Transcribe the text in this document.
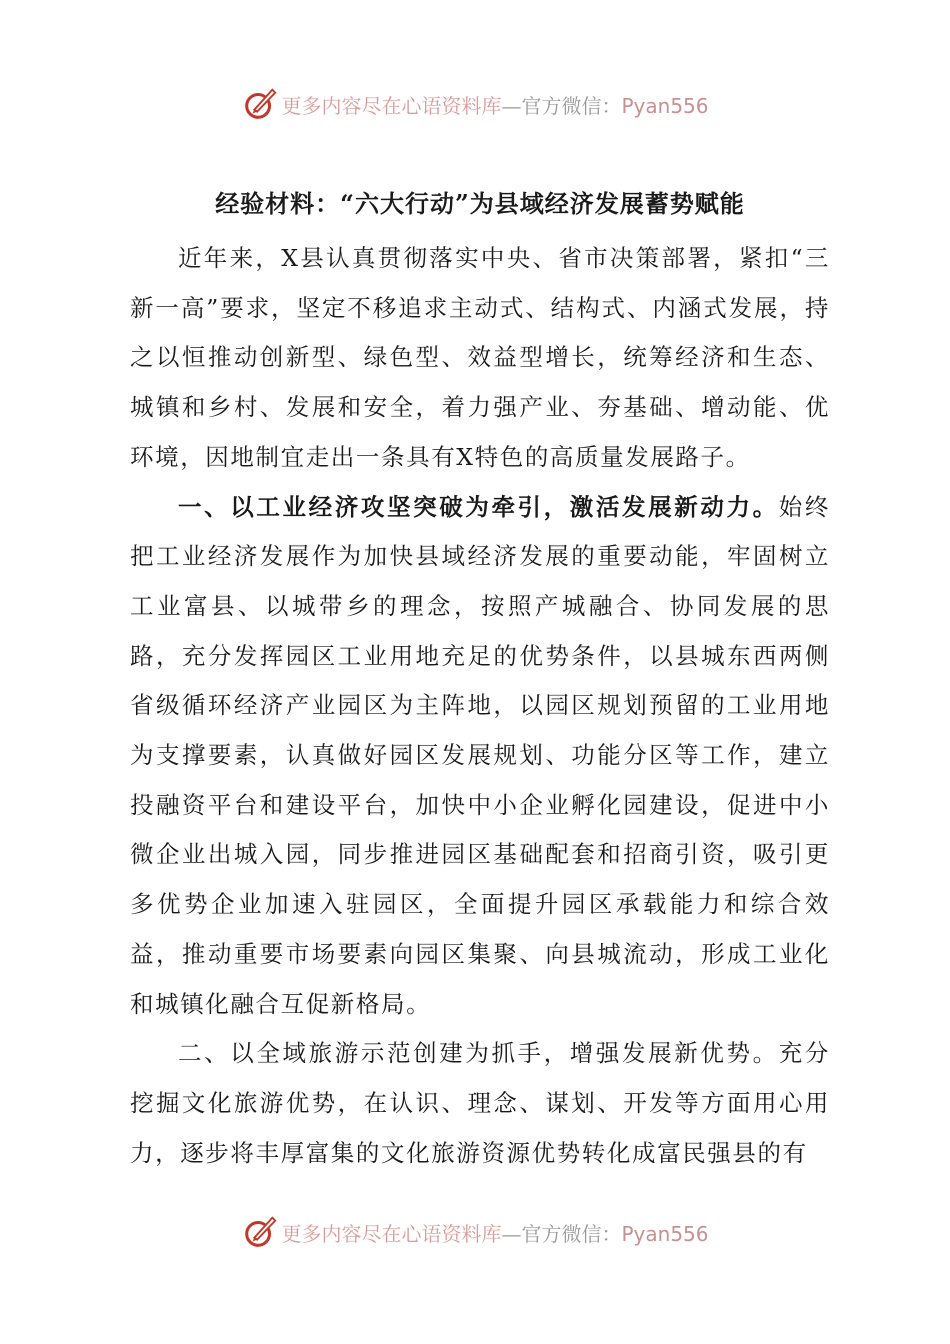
更多内容尽在心语资料库—官方微信：Pyan556
经验材料：“六大行动”为县域经济发展蓄势赋能

近年来，X县认真贯彻落实中央、省市决策部署，紧扣“三新一高”要求，坚定不移追求主动式、结构式、内涵式发展，持之以恒推动创新型、绿色型、效益型增长，统筹经济和生态、城镇和乡村、发展和安全，着力强产业、夯基础、增动能、优环境，因地制宜走出一条具有X特色的高质量发展路子。

一、以工业经济攻坚突破为牵引，激活发展新动力。始终把工业经济发展作为加快县域经济发展的重要动能，牢固树立工业富县、以城带乡的理念，按照产城融合、协同发展的思路，充分发挥园区工业用地充足的优势条件，以县城东西两侧省级循环经济产业园区为主阵地，以园区规划预留的工业用地为支撑要素，认真做好园区发展规划、功能分区等工作，建立投融资平台和建设平台，加快中小企业孵化园建设，促进中小微企业出城入园，同步推进园区基础配套和招商引资，吸引更多优势企业加速入驻园区，全面提升园区承载能力和综合效益，推动重要市场要素向园区集聚、向县城流动，形成工业化和城镇化融合互促新格局。

二、以全域旅游示范创建为抓手，增强发展新优势。充分挖掘文化旅游优势，在认识、理念、谋划、开发等方面用心用力，逐步将丰厚富集的文化旅游资源优势转化成富民强县的有

更多内容尽在心语资料库—官方微信：Pyan556
